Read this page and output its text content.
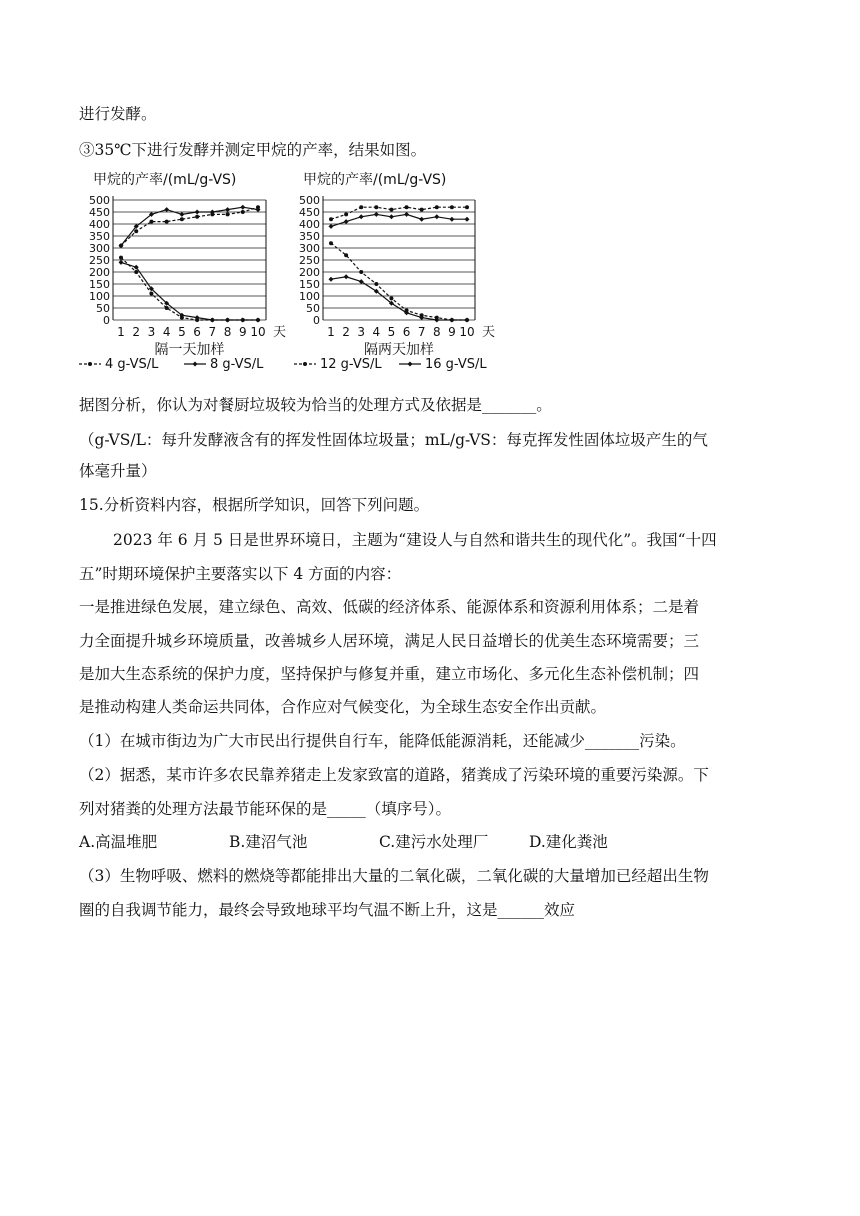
进行发酵。
③35℃下进行发酵并测定甲烷的产率，结果如图。
甲烷的产率/(mL/g-VS)
0
50
100
150
200
250
300
350
400
450
500
1 2 3 4 5 6 7 8 9 10 天
隔一天加样
甲烷的产率/(mL/g-VS)
0
50
100
150
200
250
300
350
400
450
500
1 2 3 4 5 6 7 8 9 10 天
隔两天加样
4 g-VS/L	8 g-VS/L	12 g-VS/L	16 g-VS/L
据图分析，你认为对餐厨垃圾较为恰当的处理方式及依据是_______。
（g-VS/L：每升发酵液含有的挥发性固体垃圾量；mL/g-VS：每克挥发性固体垃圾产生的气
体毫升量）
15.分析资料内容，根据所学知识，回答下列问题。
2023 年 6 月 5 日是世界环境日，主题为“建设人与自然和谐共生的现代化”。我国“十四
五”时期环境保护主要落实以下 4 方面的内容：
一是推进绿色发展，建立绿色、高效、低碳的经济体系、能源体系和资源利用体系；二是着
力全面提升城乡环境质量，改善城乡人居环境，满足人民日益增长的优美生态环境需要；三
是加大生态系统的保护力度，坚持保护与修复并重，建立市场化、多元化生态补偿机制；四
是推动构建人类命运共同体，合作应对气候变化，为全球生态安全作出贡献。
（1）在城市街边为广大市民出行提供自行车，能降低能源消耗，还能减少_______污染。
（2）据悉，某市许多农民靠养猪走上发家致富的道路，猪粪成了污染环境的重要污染源。下
列对猪粪的处理方法最节能环保的是_____（填序号）。
A.高温堆肥	B.建沼气池	C.建污水处理厂	D.建化粪池
（3）生物呼吸、燃料的燃烧等都能排出大量的二氧化碳，二氧化碳的大量增加已经超出生物
圈的自我调节能力，最终会导致地球平均气温不断上升，这是______效应
